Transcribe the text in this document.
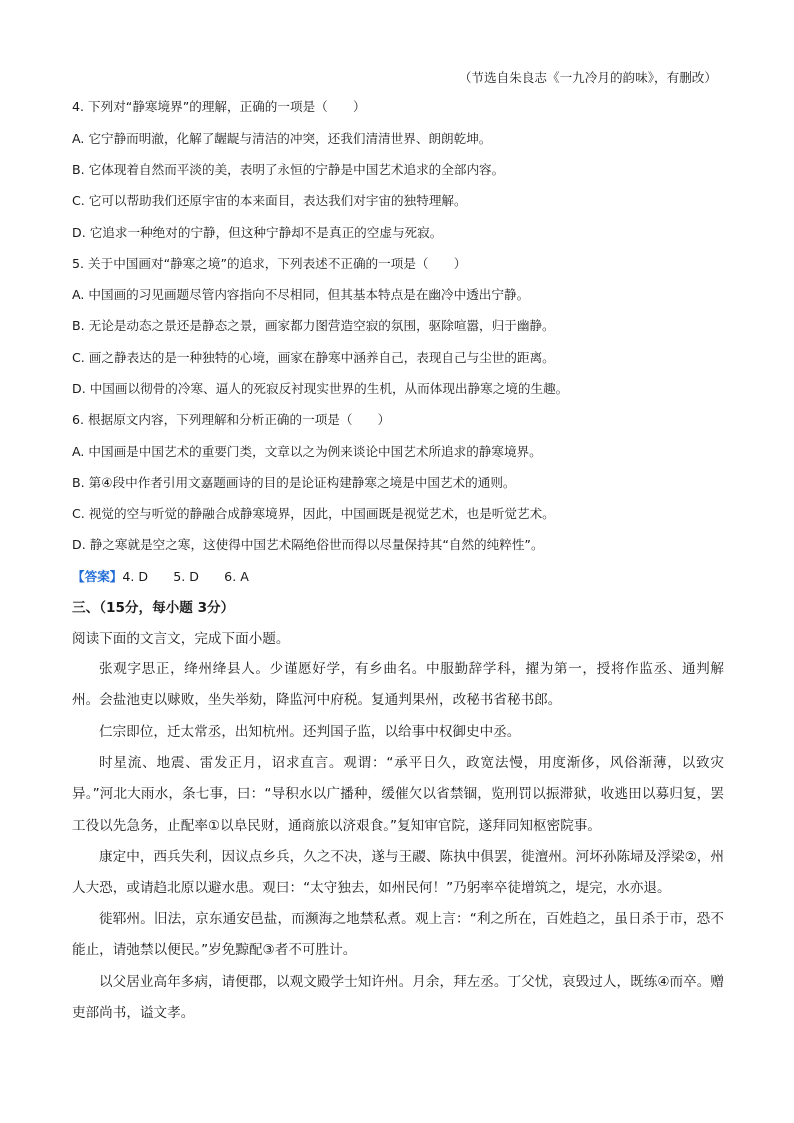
（节选自朱良志《一九冷月的韵味》，有删改）
4. 下列对“静寒境界”的理解，正确的一项是（　　）
A. 它宁静而明澈，化解了龌龊与清洁的冲突，还我们清清世界、朗朗乾坤。
B. 它体现着自然而平淡的美，表明了永恒的宁静是中国艺术追求的全部内容。
C. 它可以帮助我们还原宇宙的本来面目，表达我们对宇宙的独特理解。
D. 它追求一种绝对的宁静，但这种宁静却不是真正的空虚与死寂。
5. 关于中国画对“静寒之境”的追求，下列表述不正确的一项是（　　）
A. 中国画的习见画题尽管内容指向不尽相同，但其基本特点是在幽冷中透出宁静。
B. 无论是动态之景还是静态之景，画家都力图营造空寂的氛围，驱除喧嚣，归于幽静。
C. 画之静表达的是一种独特的心境，画家在静寒中涵养自己，表现自己与尘世的距离。
D. 中国画以彻骨的冷寒、逼人的死寂反衬现实世界的生机，从而体现出静寒之境的生趣。
6. 根据原文内容，下列理解和分析正确的一项是（　　）
A. 中国画是中国艺术的重要门类，文章以之为例来谈论中国艺术所追求的静寒境界。
B. 第④段中作者引用文嘉题画诗的目的是论证构建静寒之境是中国艺术的通则。
C. 视觉的空与听觉的静融合成静寒境界，因此，中国画既是视觉艺术，也是听觉艺术。
D. 静之寒就是空之寒，这使得中国艺术隔绝俗世而得以尽量保持其“自然的纯粹性”。
【答案】4. D　　5. D　　6. A
三、（15分，每小题 3分）
阅读下面的文言文，完成下面小题。
张观字思正，绛州绛县人。少谨愿好学，有乡曲名。中服勤辞学科，擢为第一，授将作监丞、通判解州。会盐池吏以赇败，坐失举劾，降监河中府税。复通判果州，改秘书省秘书郎。
仁宗即位，迁太常丞，出知杭州。还判国子监，以给事中权御史中丞。
时星流、地震、雷发正月，诏求直言。观谓：“承平日久，政宽法慢，用度渐侈，风俗渐薄，以致灾异。”河北大雨水，条七事，曰：“导积水以广播种，缓催欠以省禁锢，览刑罚以振滞狱，收逃田以募归复，罢工役以先急务，止配率①以阜民财，通商旅以济艰食。”复知审官院，遂拜同知枢密院事。
康定中，西兵失利，因议点乡兵，久之不决，遂与王鬷、陈执中俱罢，徙澶州。河坏孙陈埽及浮梁②，州人大恐，或请趋北原以避水患。观曰：“太守独去，如州民何！”乃躬率卒徒增筑之，堤完，水亦退。
徙郓州。旧法，京东通安邑盐，而濒海之地禁私煮。观上言：“利之所在，百姓趋之，虽日杀于市，恐不能止，请弛禁以便民。”岁免黥配③者不可胜计。
以父居业高年多病，请便郡，以观文殿学士知许州。月余，拜左丞。丁父忧，哀毁过人，既练④而卒。赠吏部尚书，谥文孝。
